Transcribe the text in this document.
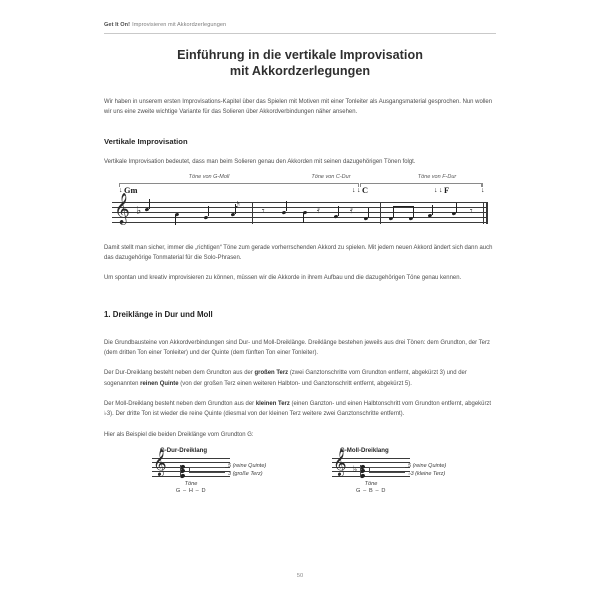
Get It On! Improvisieren mit Akkordzerlegungen
Einführung in die vertikale Improvisation
mit Akkordzerlegungen

Wir haben in unserem ersten Improvisations-Kapitel über das Spielen mit Motiven mit einer Tonleiter als Ausgangsmaterial gesprochen. Nun wollen wir uns eine zweite wichtige Variante für das Solieren über Akkordverbindungen näher ansehen.

Vertikale Improvisation

Vertikale Improvisation bedeutet, dass man beim Solieren genau den Akkorden mit seinen dazugehörigen Tönen folgt.

Töne von G-Moll	Töne von C-Dur	Töne von F-Dur
↓ Gm	↓ ↓ C	↓ ↓ F	↓
𝄞 ♭	𝅘𝅥𝅯 𝄾	𝄿	𝄿	𝄾

Damit stellt man sicher, immer die „richtigen“ Töne zum gerade vorherrschenden Akkord zu spielen. Mit jedem neuen Akkord ändert sich dann auch das dazugehörige Tonmaterial für die Solo-Phrasen.

Um spontan und kreativ improvisieren zu können, müssen wir die Akkorde in ihrem Aufbau und die dazugehörigen Töne genau kennen.

1. Dreiklänge in Dur und Moll

Die Grundbausteine von Akkordverbindungen sind Dur- und Moll-Dreiklänge. Dreiklänge bestehen jeweils aus drei Tönen: dem Grundton, der Terz (dem dritten Ton einer Tonleiter) und der Quinte (dem fünften Ton einer Tonleiter).

Der Dur-Dreiklang besteht neben dem Grundton aus der großen Terz (zwei Ganztonschritte vom Grundton entfernt, abgekürzt 3) und der sogenannten reinen Quinte (von der großen Terz einen weiteren Halbton- und Ganztonschritt entfernt, abgekürzt 5).

Der Moll-Dreiklang besteht neben dem Grundton aus der kleinen Terz (einen Ganzton- und einen Halbtonschritt vom Grundton entfernt, abgekürzt ♭3). Der dritte Ton ist wieder die reine Quinte (diesmal von der kleinen Terz weitere zwei Ganztonschritte entfernt).

Hier als Beispiel die beiden Dreiklänge vom Grundton G:

G-Dur-Dreiklang
𝄞	5 (reine Quinte)
3 (große Terz)
Töne
G – H – D
G-Moll-Dreiklang
𝄞 ♭	5 (reine Quinte)
♭3 (kleine Terz)
Töne
G – B – D
50
